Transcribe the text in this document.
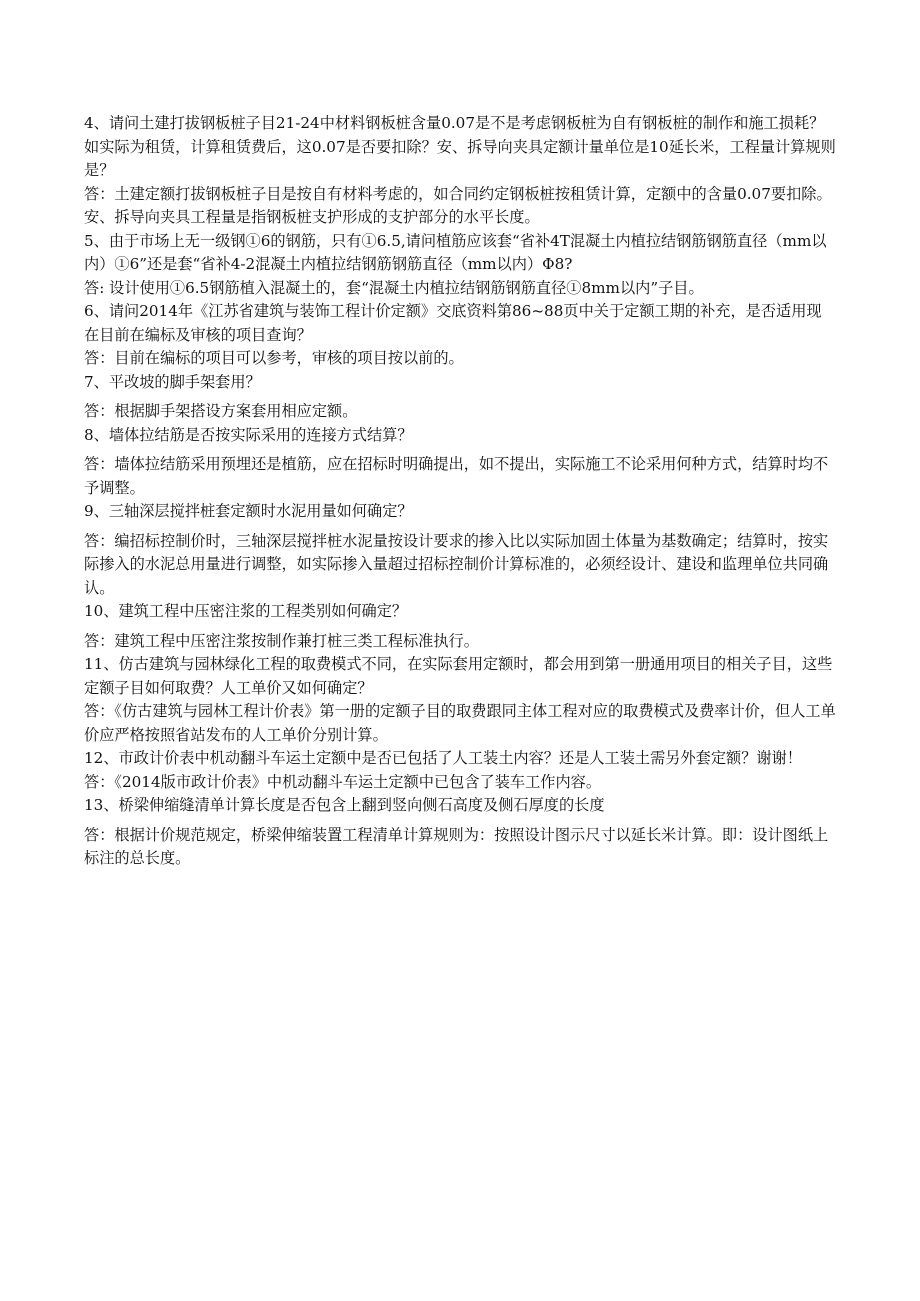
4、请问土建打拔钢板桩子目21-24中材料钢板桩含量0.07是不是考虑钢板桩为自有钢板桩的制作和施工损耗？如实际为租赁，计算租赁费后，这0.07是否要扣除？安、拆导向夹具定额计量单位是10延长米，工程量计算规则是？

答：土建定额打拔钢板桩子目是按自有材料考虑的，如合同约定钢板桩按租赁计算，定额中的含量0.07要扣除。安、拆导向夹具工程量是指钢板桩支护形成的支护部分的水平长度。

5、由于市场上无一级钢①6的钢筋，只有①6.5,请问植筋应该套“省补4T混凝土内植拉结钢筋钢筋直径（mm以内）①6”还是套“省补4-2混凝土内植拉结钢筋钢筋直径（mm以内）Φ8?

答: 设计使用①6.5钢筋植入混凝土的，套“混凝土内植拉结钢筋钢筋直径①8mm以内”子目。

6、请问2014年《江苏省建筑与装饰工程计价定额》交底资料第86~88页中关于定额工期的补充，是否适用现在目前在编标及审核的项目查询？

答：目前在编标的项目可以参考，审核的项目按以前的。

7、平改坡的脚手架套用？

答：根据脚手架搭设方案套用相应定额。

8、墙体拉结筋是否按实际采用的连接方式结算？

答：墙体拉结筋采用预埋还是植筋，应在招标时明确提出，如不提出，实际施工不论采用何种方式，结算时均不予调整。

9、三轴深层搅拌桩套定额时水泥用量如何确定？

答：编招标控制价时，三轴深层搅拌桩水泥量按设计要求的掺入比以实际加固土体量为基数确定；结算时，按实际掺入的水泥总用量进行调整，如实际掺入量超过招标控制价计算标准的，必须经设计、建设和监理单位共同确认。

10、建筑工程中压密注浆的工程类别如何确定？

答：建筑工程中压密注浆按制作兼打桩三类工程标准执行。

11、仿古建筑与园林绿化工程的取费模式不同，在实际套用定额时，都会用到第一册通用项目的相关子目，这些定额子目如何取费？人工单价又如何确定？

答：《仿古建筑与园林工程计价表》第一册的定额子目的取费跟同主体工程对应的取费模式及费率计价，但人工单价应严格按照省站发布的人工单价分别计算。

12、市政计价表中机动翻斗车运土定额中是否已包括了人工装土内容？还是人工装土需另外套定额？谢谢！

答：《2014版市政计价表》中机动翻斗车运土定额中已包含了装车工作内容。

13、桥梁伸缩缝清单计算长度是否包含上翻到竖向侧石高度及侧石厚度的长度

答：根据计价规范规定，桥梁伸缩装置工程清单计算规则为：按照设计图示尺寸以延长米计算。即：设计图纸上标注的总长度。
